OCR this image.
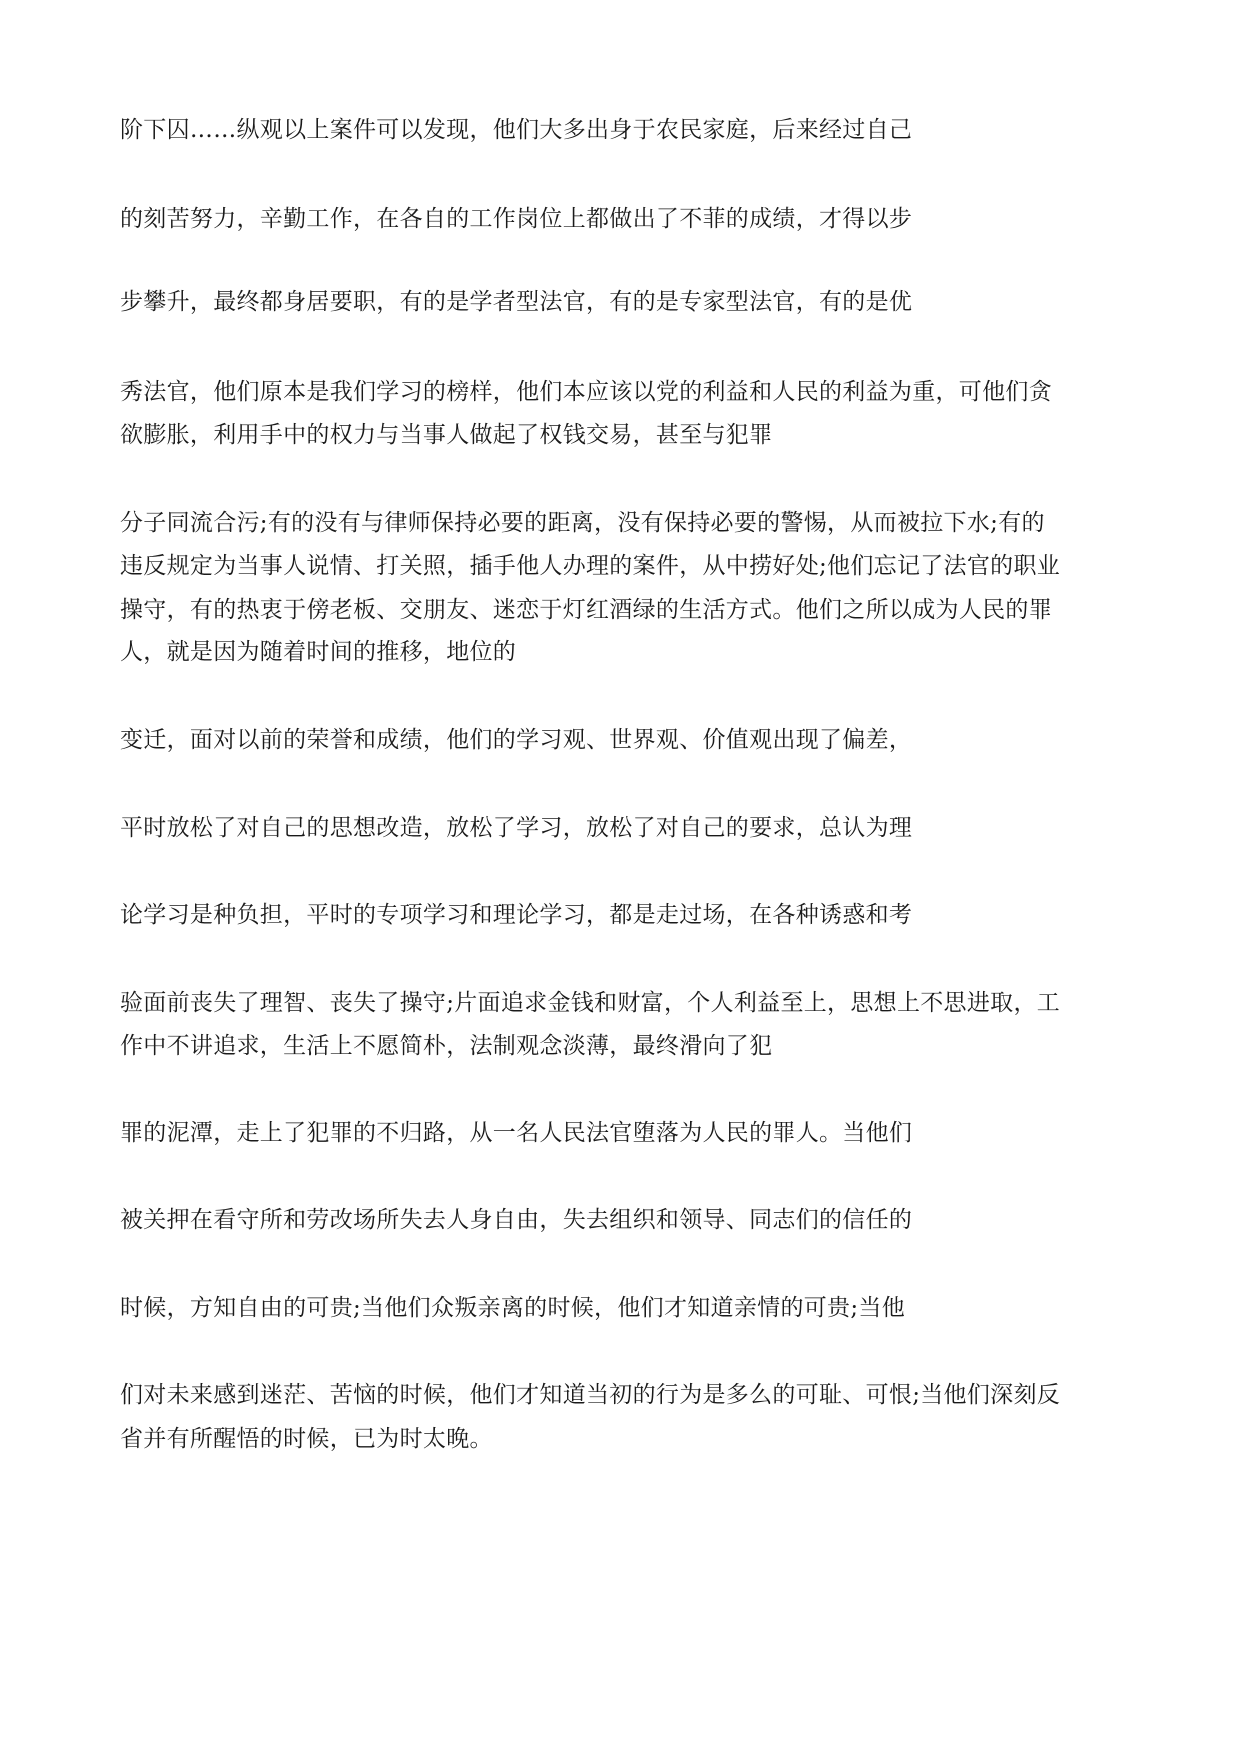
阶下囚……纵观以上案件可以发现，他们大多出身于农民家庭，后来经过自己
的刻苦努力，辛勤工作，在各自的工作岗位上都做出了不菲的成绩，才得以步
步攀升，最终都身居要职，有的是学者型法官，有的是专家型法官，有的是优
秀法官，他们原本是我们学习的榜样，他们本应该以党的利益和人民的利益为重，可他们贪
欲膨胀，利用手中的权力与当事人做起了权钱交易，甚至与犯罪
分子同流合污;有的没有与律师保持必要的距离，没有保持必要的警惕，从而被拉下水;有的
违反规定为当事人说情、打关照，插手他人办理的案件，从中捞好处;他们忘记了法官的职业
操守，有的热衷于傍老板、交朋友、迷恋于灯红酒绿的生活方式。他们之所以成为人民的罪
人，就是因为随着时间的推移，地位的
变迁，面对以前的荣誉和成绩，他们的学习观、世界观、价值观出现了偏差，
平时放松了对自己的思想改造，放松了学习，放松了对自己的要求，总认为理
论学习是种负担，平时的专项学习和理论学习，都是走过场，在各种诱惑和考
验面前丧失了理智、丧失了操守;片面追求金钱和财富，个人利益至上，思想上不思进取，工
作中不讲追求，生活上不愿简朴，法制观念淡薄，最终滑向了犯
罪的泥潭，走上了犯罪的不归路，从一名人民法官堕落为人民的罪人。当他们
被关押在看守所和劳改场所失去人身自由，失去组织和领导、同志们的信任的
时候，方知自由的可贵;当他们众叛亲离的时候，他们才知道亲情的可贵;当他
们对未来感到迷茫、苦恼的时候，他们才知道当初的行为是多么的可耻、可恨;当他们深刻反
省并有所醒悟的时候，已为时太晚。
